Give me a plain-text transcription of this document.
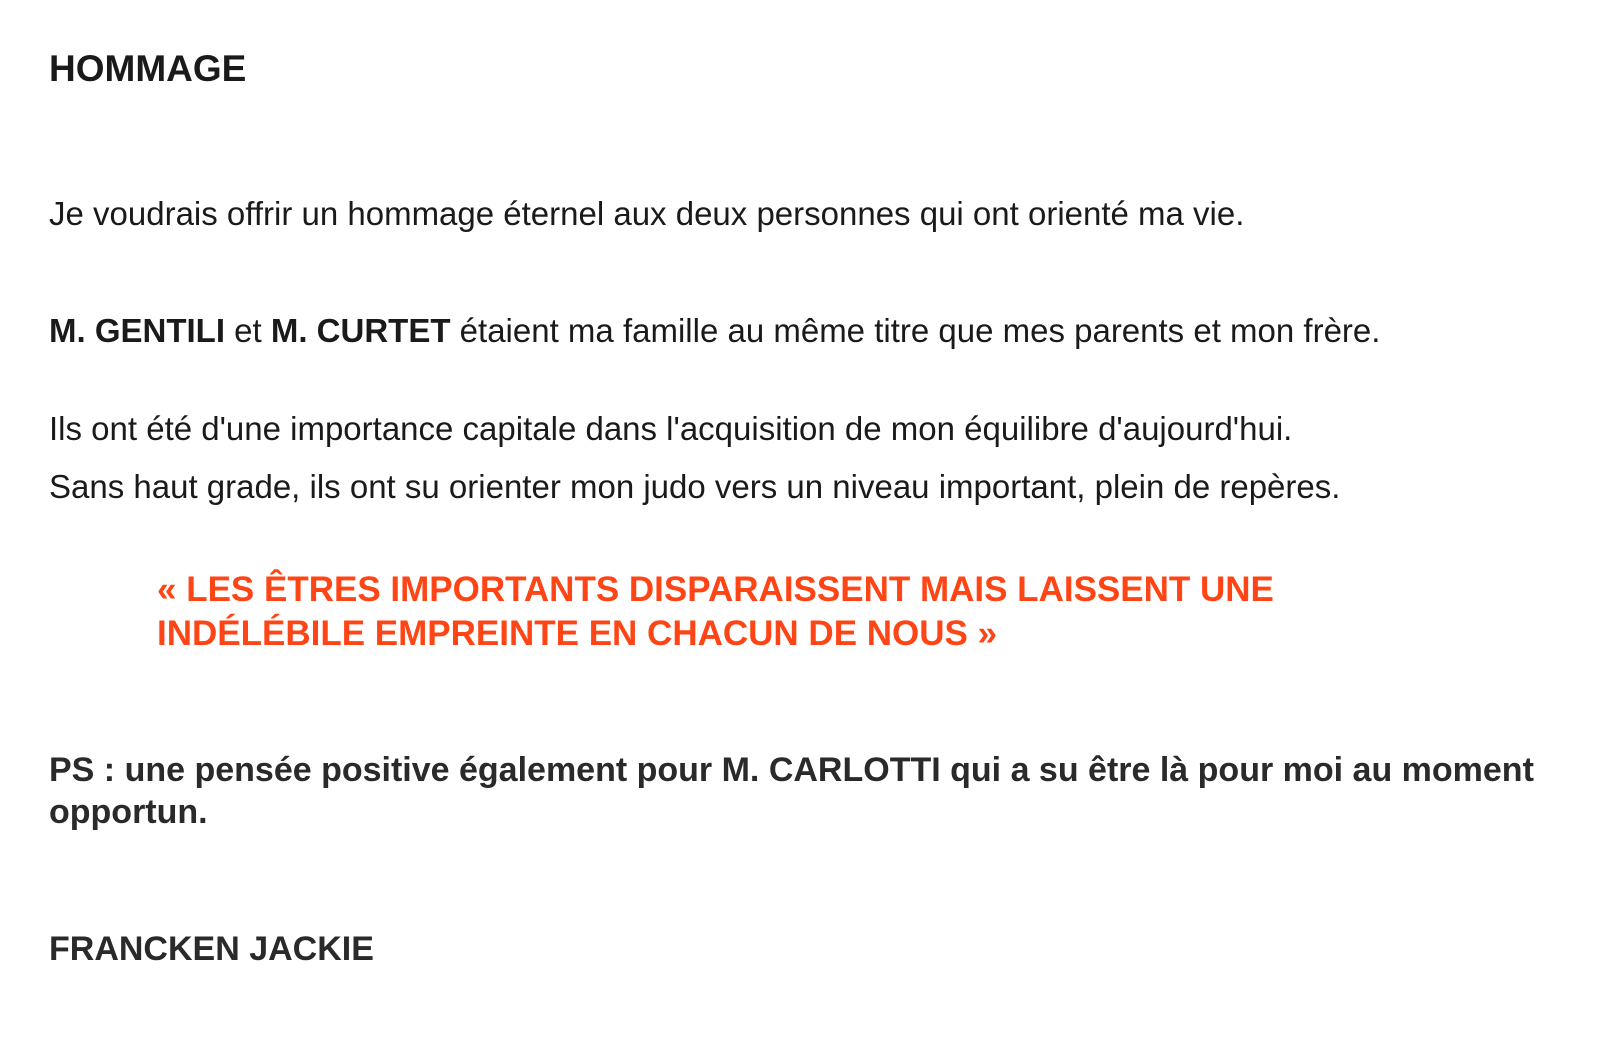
HOMMAGE

Je voudrais offrir un hommage éternel aux deux personnes qui ont orienté ma vie.

M. GENTILI et M. CURTET étaient ma famille au même titre que mes parents et mon frère.

Ils ont été d'une importance capitale dans l'acquisition de mon équilibre d'aujourd'hui.

Sans haut grade, ils ont su orienter mon judo vers un niveau important, plein de repères.

« LES ÊTRES IMPORTANTS DISPARAISSENT MAIS LAISSENT UNE INDÉLÉBILE EMPREINTE EN CHACUN DE NOUS »

PS : une pensée positive également pour M. CARLOTTI qui a su être là pour moi au moment opportun.

FRANCKEN JACKIE
